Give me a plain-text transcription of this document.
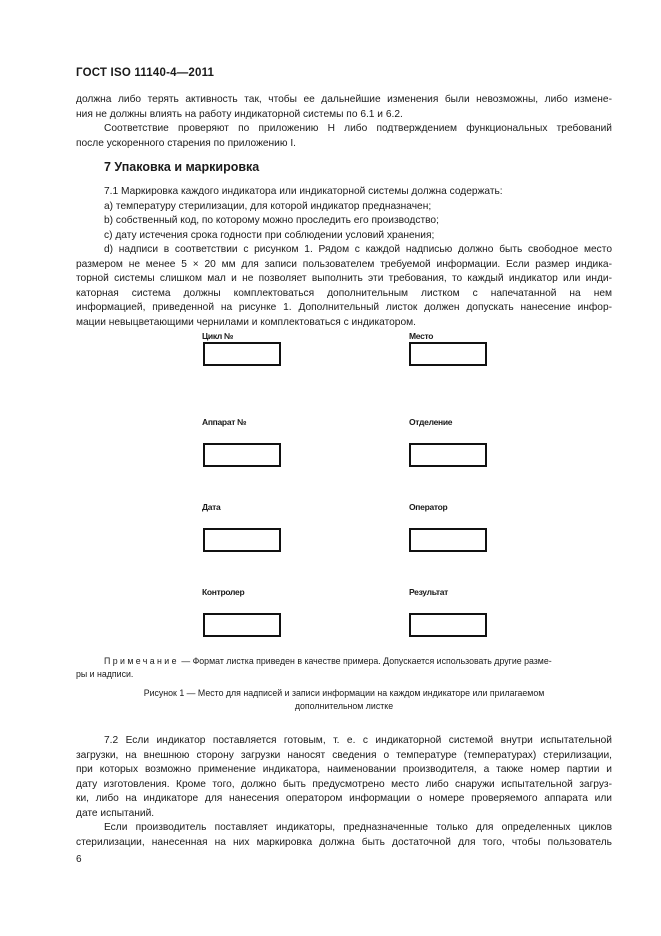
ГОСТ ISO 11140-4—2011

должна либо терять активность так, чтобы ее дальнейшие изменения были невозможны, либо измене-

ния не должны влиять на работу индикаторной системы по 6.1 и 6.2.

Соответствие проверяют по приложению Н либо подтверждением функциональных требований

после ускоренного старения по приложению I.

7 Упаковка и маркировка

7.1 Маркировка каждого индикатора или индикаторной системы должна содержать:

a) температуру стерилизации, для которой индикатор предназначен;

b) собственный код, по которому можно проследить его производство;

c) дату истечения срока годности при соблюдении условий хранения;

d) надписи в соответствии с рисунком 1. Рядом с каждой надписью должно быть свободное место

размером не менее 5 × 20 мм для записи пользователем требуемой информации. Если размер индика-

торной системы слишком мал и не позволяет выполнить эти требования, то каждый индикатор или инди-

каторная система должны комплектоваться дополнительным листком с напечатанной на нем

информацией, приведенной на рисунке 1. Дополнительный листок должен допускать нанесение инфор-

мации невыцветающими чернилами и комплектоваться с индикатором.

Цикл №	Место
Аппарат №	Отделение
Дата	Оператор
Контролер	Результат

Примечание — Формат листка приведен в качестве примера. Допускается использовать другие разме-

ры и надписи.

Рисунок 1 — Место для надписей и записи информации на каждом индикаторе или прилагаемом

дополнительном листке

7.2 Если индикатор поставляется готовым, т. е. с индикаторной системой внутри испытательной

загрузки, на внешнюю сторону загрузки наносят сведения о температуре (температурах) стерилизации,

при которых возможно применение индикатора, наименовании производителя, а также номер партии и

дату изготовления. Кроме того, должно быть предусмотрено место либо снаружи испытательной загруз-

ки, либо на индикаторе для нанесения оператором информации о номере проверяемого аппарата или

дате испытаний.

Если производитель поставляет индикаторы, предназначенные только для определенных циклов

стерилизации, нанесенная на них маркировка должна быть достаточной для того, чтобы пользователь

6
